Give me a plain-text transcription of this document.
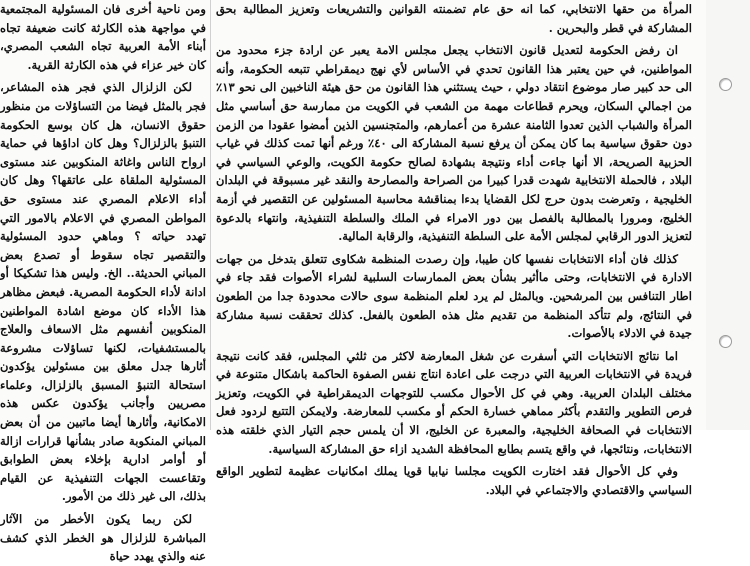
المرأة من حقها الانتخابي، كما انه حق عام تضمنته القوانين والتشريعات وتعزيز المطالبة بحق المشاركة في قطر والبحرين .

ان رفض الحكومة لتعديل قانون الانتخاب يجعل مجلس الامة يعبر عن ارادة جزء محدود من المواطنين، في حين يعتبر هذا القانون تحدي في الأساس لأي نهج ديمقراطي تتبعه الحكومة، وأنه الى حد كبير صار موضوع انتقاد دولي ، حيث يستثني هذا القانون من حق هيئة الناخبين الى نحو ١٣٪ من اجمالي السكان، ويحرم قطاعات مهمة من الشعب في الكويت من ممارسة حق أساسي مثل المرأة والشباب الذين تعدوا الثامنة عشرة من أعمارهم، والمتجنسين الذين أمضوا عقودا من الزمن دون حقوق سياسية بما كان يمكن أن يرفع نسبة المشاركة الى ٤٠٪ ورغم أنها تمت كذلك في غياب الحزبية الصريحة، الا أنها جاءت أداء ونتيجة بشهادة لصالح حكومة الكويت، والوعي السياسي في البلاد ، فالحملة الانتخابية شهدت قدرا كبيرا من الصراحة والمصارحة والنقد غير مسبوقة في البلدان الخليجية ، وتعرضت بدون حرج لكل القضايا بدءا بمناقشة محاسبة المسئولين عن التقصير في أزمة الخليج، ومرورا بالمطالبة بالفصل بين دور الامراء في الملك والسلطة التنفيذية، وانتهاء بالدعوة لتعزيز الدور الرقابي لمجلس الأمة على السلطة التنفيذية، والرقابة المالية.

كذلك فان أداء الانتخابات نفسها كان طيبا، وإن رصدت المنظمة شكاوى تتعلق بتدخل من جهات الادارة في الانتخابات، وحتى ماأثير بشأن بعض الممارسات السلبية لشراء الأصوات فقد جاء في اطار التنافس بين المرشحين. وبالمثل لم يرد لعلم المنظمة سوى حالات محدودة جدا من الطعون في النتائج، ولم تتأكد المنظمة من تقديم مثل هذه الطعون بالفعل. كذلك تحققت نسبة مشاركة جيدة في الادلاء بالأصوات.

اما نتائج الانتخابات التي أسفرت عن شغل المعارضة لاكثر من ثلثي المجلس، فقد كانت نتيجة فريدة في الانتخابات العربية التي درجت على اعادة انتاج نفس الصفوة الحاكمة باشكال متنوعة في مختلف البلدان العربية. وهي في كل الأحوال مكسب للتوجهات الديمقراطية في الكويت، وتعزيز فرص التطوير والتقدم بأكثر مماهي خسارة الحكم أو مكسب للمعارضة. ولايمكن التتبع لردود فعل الانتخابات في الصحافة الخليجية، والمعبرة عن الخليج، الا أن يلمس حجم التيار الذي خلقته هذه الانتخابات، ونتائجها، في واقع يتسم بطابع المحافظة الشديد ازاء حق المشاركة السياسية.

وفي كل الأحوال فقد اختارت الكويت مجلسا نيابيا قويا يملك امكانيات عظيمة لتطوير الواقع السياسي والاقتصادي والاجتماعي في البلاد.

ومن ناحية أخرى فان المسئولية المجتمعية في مواجهة هذه الكارثة كانت ضعيفة تجاه أبناء الأمة العربية تجاه الشعب المصري، كان خير عزاء في هذه الكارثة القرية.

لكن الزلزال الذي فجر هذه المشاعر، فجر بالمثل فيضا من التساؤلات من منظور حقوق الانسان، هل كان بوسع الحكومة التنبؤ بالزلزال؟ وهل كان اداؤها في حماية ارواح الناس واغاثة المنكوبين عند مستوى المسئولية الملقاة على عاتقها؟ وهل كان أداء الاعلام المصري عند مستوى حق المواطن المصري في الاعلام بالامور التي تهدد حياته ؟ وماهي حدود المسئولية والتقصير تجاه سقوط أو تصدع بعض المباني الحديثة.. الخ. وليس هذا تشكيكا أو ادانة لأداء الحكومة المصرية. فبعض مظاهر هذا الأداء كان موضع اشادة المواطنين المنكوبين أنفسهم مثل الاسعاف والعلاج بالمستشفيات، لكنها تساؤلات مشروعة أثارها جدل معلق بين مسئولين يؤكدون استحالة التنبؤ المسبق بالزلزال، وعلماء مصريين وأجانب يؤكدون عكس هذه الامكانية، وأثارها أيضا ماتبين من أن بعض المباني المنكوبة صادر بشأنها قرارات ازالة أو أوامر ادارية بإخلاء بعض الطوابق وتقاعست الجهات التنفيذية عن القيام بذلك، الى غير ذلك من الأمور.

لكن ربما يكون الأخطر من الآثار المباشرة للزلزال هو الخطر الذي كشف عنه والذي يهدد حياة
